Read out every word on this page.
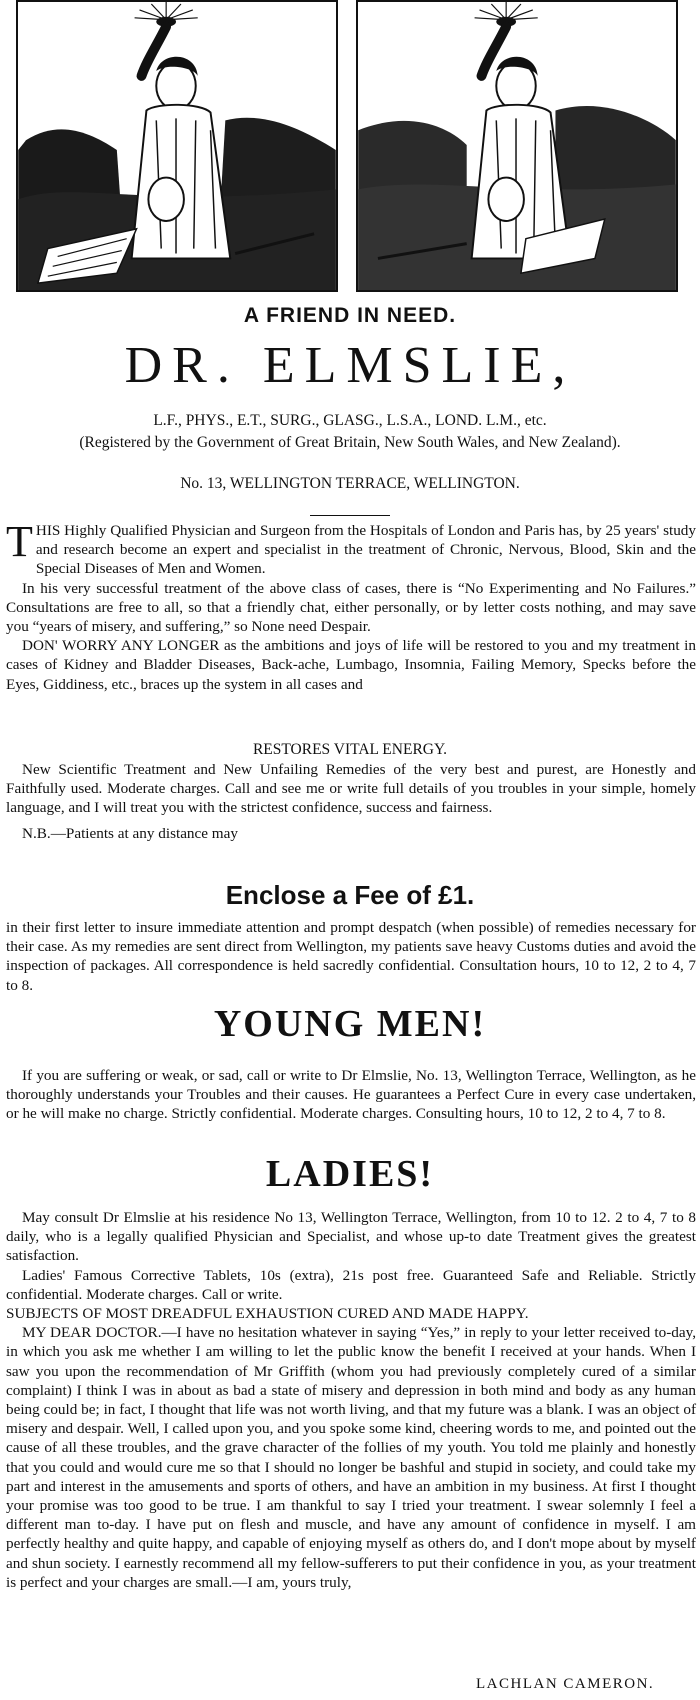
A FRIEND IN NEED.
DR. ELMSLIE,
L.F., PHYS., E.T., SURG., GLASG., L.S.A., LOND. L.M., etc.
(Registered by the Government of Great Britain, New South Wales, and New Zealand).
No. 13, WELLINGTON TERRACE, WELLINGTON.

THIS Highly Qualified Physician and Surgeon from the Hospitals of London and Paris has, by 25 years' study and research become an expert and specialist in the treatment of Chronic, Nervous, Blood, Skin and the Special Diseases of Men and Women.

In his very successful treatment of the above class of cases, there is “No Experimenting and No Failures.” Consultations are free to all, so that a friendly chat, either personally, or by letter costs nothing, and may save you “years of misery, and suffering,” so None need Despair.

DON' WORRY ANY LONGER as the ambitions and joys of life will be restored to you and my treatment in cases of Kidney and Bladder Diseases, Back-ache, Lumbago, Insomnia, Failing Memory, Specks before the Eyes, Giddiness, etc., braces up the system in all cases and

RESTORES VITAL ENERGY.

New Scientific Treatment and New Unfailing Remedies of the very best and purest, are Honestly and Faithfully used. Moderate charges. Call and see me or write full details of you troubles in your simple, homely language, and I will treat you with the strictest confidence, success and fairness.

N.B.—Patients at any distance may

Enclose a Fee of £1.
in their first letter to insure immediate attention and prompt despatch (when possible) of remedies necessary for their case. As my remedies are sent direct from Wellington, my patients save heavy Customs duties and avoid the inspection of packages. All correspondence is held sacredly confidential. Consultation hours, 10 to 12, 2 to 4, 7 to 8.
YOUNG MEN!
If you are suffering or weak, or sad, call or write to Dr Elmslie, No. 13, Wellington Terrace, Wellington, as he thoroughly understands your Troubles and their causes. He guarantees a Perfect Cure in every case undertaken, or he will make no charge. Strictly confidential. Moderate charges. Consulting hours, 10 to 12, 2 to 4, 7 to 8.
LADIES!

May consult Dr Elmslie at his residence No 13, Wellington Terrace, Wellington, from 10 to 12. 2 to 4, 7 to 8 daily, who is a legally qualified Physician and Specialist, and whose up-to date Treatment gives the greatest satisfaction.

Ladies' Famous Corrective Tablets, 10s (extra), 21s post free. Guaranteed Safe and Reliable. Strictly confidential. Moderate charges. Call or write.

SUBJECTS OF MOST DREADFUL EXHAUSTION CURED AND MADE HAPPY.

MY DEAR DOCTOR.—I have no hesitation whatever in saying “Yes,” in reply to your letter received to-day, in which you ask me whether I am willing to let the public know the benefit I received at your hands. When I saw you upon the recommendation of Mr Griffith (whom you had previously completely cured of a similar complaint) I think I was in about as bad a state of misery and depression in both mind and body as any human being could be; in fact, I thought that life was not worth living, and that my future was a blank. I was an object of misery and despair. Well, I called upon you, and you spoke some kind, cheering words to me, and pointed out the cause of all these troubles, and the grave character of the follies of my youth. You told me plainly and honestly that you could and would cure me so that I should no longer be bashful and stupid in society, and could take my part and interest in the amusements and sports of others, and have an ambition in my business. At first I thought your promise was too good to be true. I am thankful to say I tried your treatment. I swear solemnly I feel a different man to-day. I have put on flesh and muscle, and have any amount of confidence in myself. I am perfectly healthy and quite happy, and capable of enjoying myself as others do, and I don't mope about by myself and shun society. I earnestly recommend all my fellow-sufferers to put their confidence in you, as your treatment is perfect and your charges are small.—I am, yours truly,

LACHLAN CAMERON.
